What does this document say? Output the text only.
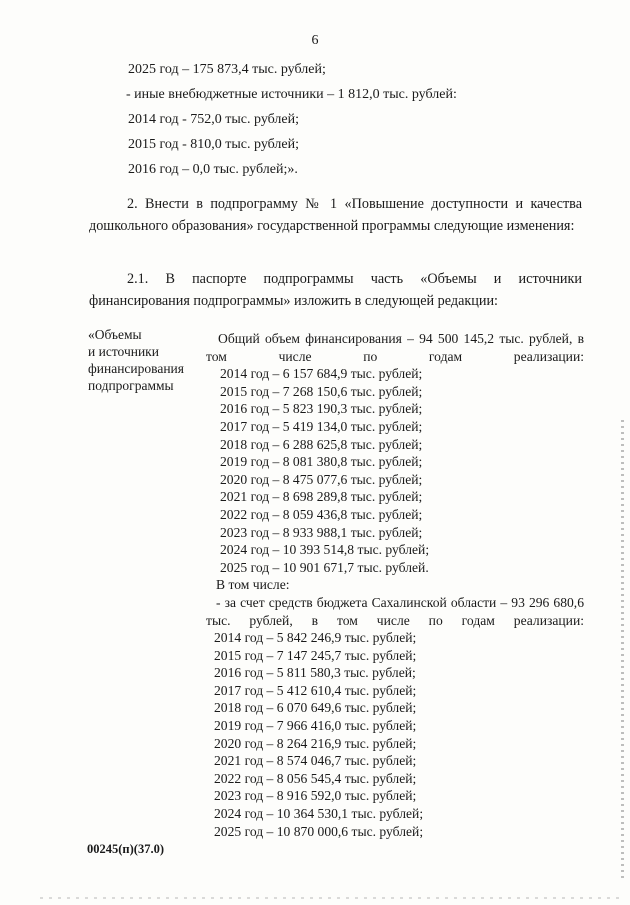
6
2025 год – 175 873,4 тыс. рублей;
- иные внебюджетные источники – 1 812,0 тыс. рублей:
2014 год - 752,0 тыс. рублей;
2015 год - 810,0 тыс. рублей;
2016 год – 0,0 тыс. рублей;».
2. Внести в подпрограмму № 1 «Повышение доступности и качества дошкольного образования» государственной программы следующие изменения:
2.1. В паспорте подпрограммы часть «Объемы и источники финансирования подпрограммы» изложить в следующей редакции:
«Объемы
и источники
финансирования
подпрограммы
Общий объем финансирования – 94 500 145,2 тыс. рублей, в том числе по годам реализации:
2014 год – 6 157 684,9 тыс. рублей;
2015 год – 7 268 150,6 тыс. рублей;
2016 год – 5 823 190,3 тыс. рублей;
2017 год – 5 419 134,0 тыс. рублей;
2018 год – 6 288 625,8 тыс. рублей;
2019 год – 8 081 380,8 тыс. рублей;
2020 год – 8 475 077,6 тыс. рублей;
2021 год – 8 698 289,8 тыс. рублей;
2022 год – 8 059 436,8 тыс. рублей;
2023 год – 8 933 988,1 тыс. рублей;
2024 год – 10 393 514,8 тыс. рублей;
2025 год – 10 901 671,7 тыс. рублей.
В том числе:
- за счет средств бюджета Сахалинской области – 93 296 680,6 тыс. рублей, в том числе по годам реализации:
2014 год – 5 842 246,9 тыс. рублей;
2015 год – 7 147 245,7 тыс. рублей;
2016 год – 5 811 580,3 тыс. рублей;
2017 год – 5 412 610,4 тыс. рублей;
2018 год – 6 070 649,6 тыс. рублей;
2019 год – 7 966 416,0 тыс. рублей;
2020 год – 8 264 216,9 тыс. рублей;
2021 год – 8 574 046,7 тыс. рублей;
2022 год – 8 056 545,4 тыс. рублей;
2023 год – 8 916 592,0 тыс. рублей;
2024 год – 10 364 530,1 тыс. рублей;
2025 год – 10 870 000,6 тыс. рублей;
00245(п)(37.0)
